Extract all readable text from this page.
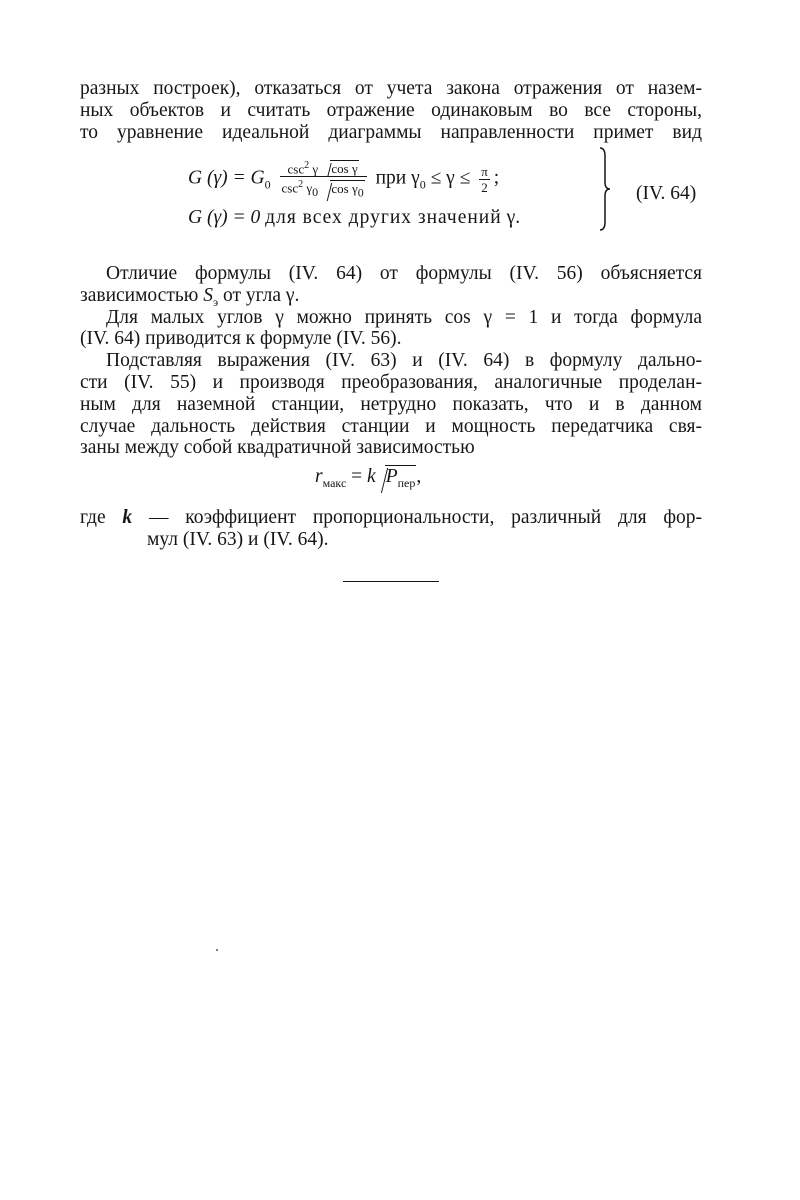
разных построек), отказаться от учета закона отражения от назем-
ных объектов и считать отражение одинаковым во все стороны,
то уравнение идеальной диаграммы направленности примет вид
G $(\gamma) = G_0 \frac{\csc^2 \gamma \cos \gamma}{\csc^2 \gamma_0 \cos \gamma_0}$ при $\gamma_0 \le \gamma \le \frac{\pi}{2}$ ;
G (γ) = 0 для всех других значений γ.
(IV. 64)
Отличие формулы (IV. 64) от формулы (IV. 56) объясняется
зависимостью $S_э$ от угла γ.
Для малых углов γ можно принять cos γ = 1 и тогда формула
(IV. 64) приводится к формуле (IV. 56).
Подставляя выражения (IV. 63) и (IV. 64) в формулу дально-
сти (IV. 55) и производя преобразования, аналогичные проделан-
ным для наземной станции, нетрудно показать, что и в данном
случае дальность действия станции и мощность передатчика свя-
заны между собой квадратичной зависимостью
$r_{макс} = k$ $P_{пер}$,
где k — коэффициент пропорциональности, различный для фор-
мул (IV. 63) и (IV. 64).
